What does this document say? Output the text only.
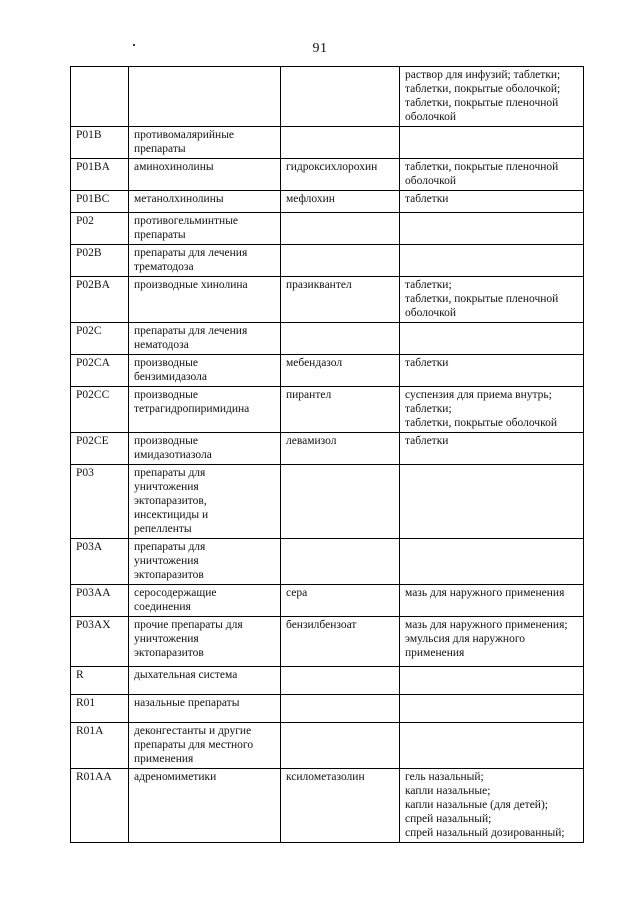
91

			раствор для инфузий; таблетки;
таблетки, покрытые оболочкой;
таблетки, покрытые пленочной
оболочкой

P01B	противомалярийные
препараты		

P01BA	аминохинолины	гидроксихлорохин	таблетки, покрытые пленочной
оболочкой

P01BC	метанолхинолины	мефлохин	таблетки

P02	противогельминтные
препараты		

P02B	препараты для лечения
трематодоза		

P02BA	производные хинолина	празиквантел	таблетки;
таблетки, покрытые пленочной
оболочкой

P02C	препараты для лечения
нематодоза		

P02CA	производные
бензимидазола	мебендазол	таблетки

P02CC	производные
тетрагидропиримидина	пирантел	суспензия для приема внутрь;
таблетки;
таблетки, покрытые оболочкой

P02CE	производные
имидазотиазола	левамизол	таблетки

P03	препараты для
уничтожения
эктопаразитов,
инсектициды и
репелленты		

P03A	препараты для
уничтожения
эктопаразитов		

P03AA	серосодержащие
соединения	сера	мазь для наружного применения

P03AX	прочие препараты для
уничтожения
эктопаразитов	бензилбензоат	мазь для наружного применения;
эмульсия для наружного
применения

R	дыхательная система		

R01	назальные препараты		

R01A	деконгестанты и другие
препараты для местного
применения		

R01AA	адреномиметики	ксилометазолин	гель назальный;
капли назальные;
капли назальные (для детей);
спрей назальный;
спрей назальный дозированный;
